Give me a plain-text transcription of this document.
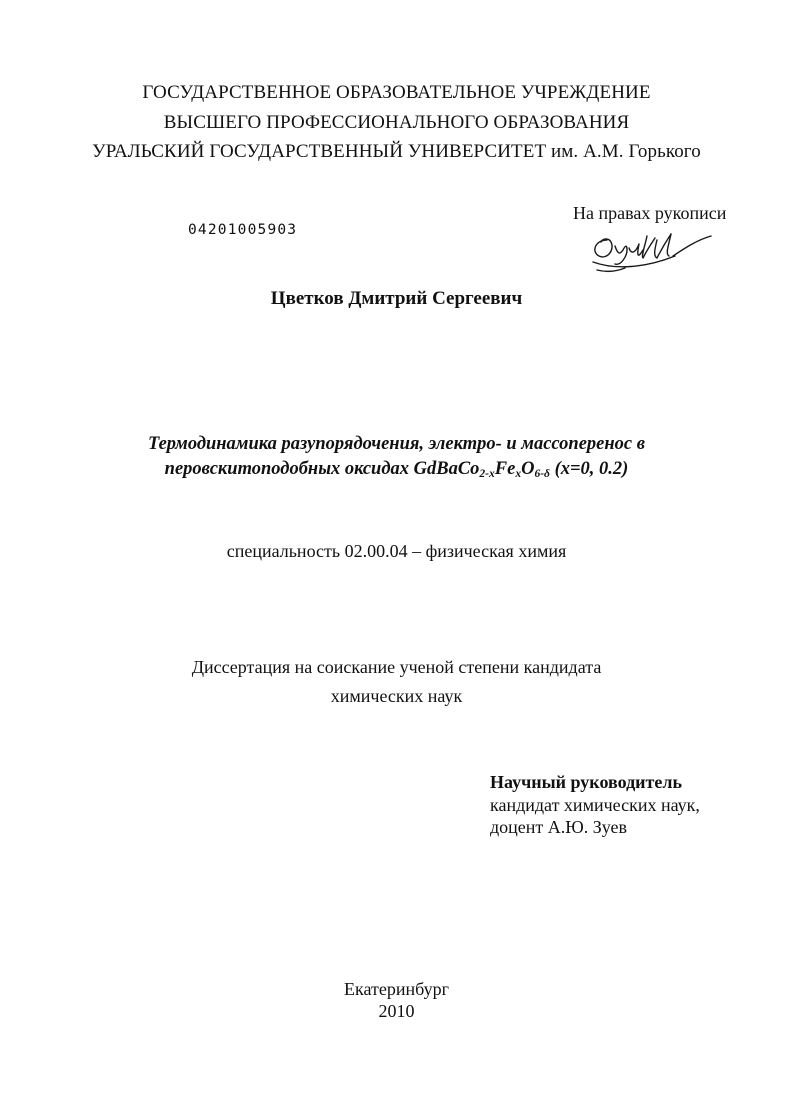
ГОСУДАРСТВЕННОЕ ОБРАЗОВАТЕЛЬНОЕ УЧРЕЖДЕНИЕ
ВЫСШЕГО ПРОФЕССИОНАЛЬНОГО ОБРАЗОВАНИЯ
УРАЛЬСКИЙ ГОСУДАРСТВЕННЫЙ УНИВЕРСИТЕТ им. А.М. Горького
04201005903
На правах рукописи
Цветков Дмитрий Сергеевич
Термодинамика разупорядочения, электро- и массоперенос в
перовскитоподобных оксидах $GdBaCo_{2-x}Fe_xO_{6-\delta}$ (x=0, 0.2)
специальность 02.00.04 – физическая химия
Диссертация на соискание ученой степени кандидата
химических наук
Научный руководитель
кандидат химических наук,
доцент А.Ю. Зуев
Екатеринбург
2010
